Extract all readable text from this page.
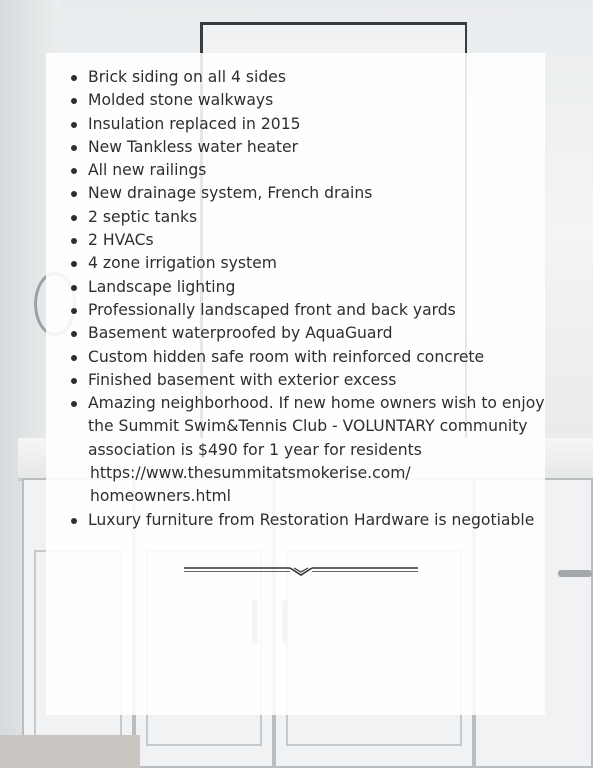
Brick siding on all 4 sides
Molded stone walkways
Insulation replaced in 2015
New Tankless water heater
All new railings
New drainage system, French drains
2 septic tanks
2 HVACs
4 zone irrigation system
Landscape lighting
Professionally landscaped front and back yards
Basement waterproofed by AquaGuard
Custom hidden safe room with reinforced concrete
Finished basement with exterior excess
Amazing neighborhood. If new home owners wish to enjoy the Summit Swim&Tennis Club - VOLUNTARY community association is $490 for 1 year for residents
https://www.thesummitatsmokerise.com/
homeowners.html
Luxury furniture from Restoration Hardware is negotiable
